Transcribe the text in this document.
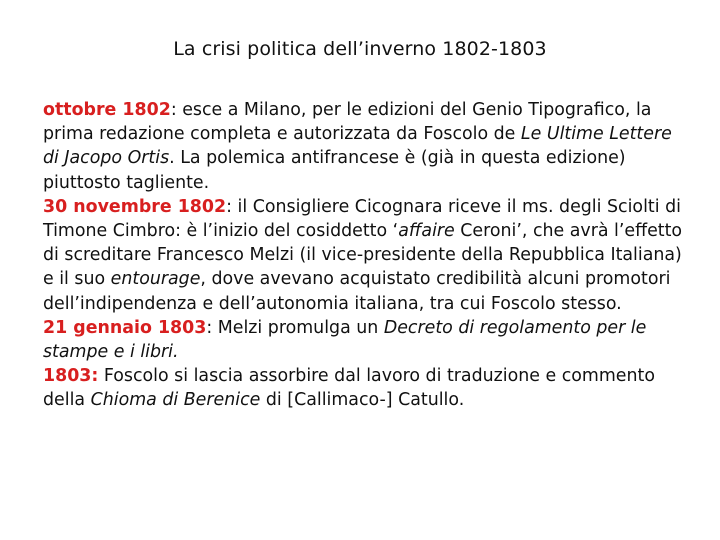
La crisi politica dell’inverno 1802-1803

ottobre 1802: esce a Milano, per le edizioni del Genio Tipografico, la prima redazione completa e autorizzata da Foscolo de Le Ultime Lettere di Jacopo Ortis. La polemica antifrancese è (già in questa edizione) piuttosto tagliente.

30 novembre 1802: il Consigliere Cicognara riceve il ms. degli Sciolti di Timone Cimbro: è l’inizio del cosiddetto ‘affaire Ceroni’, che avrà l’effetto di screditare Francesco Melzi (il vice-presidente della Repubblica Italiana) e il suo entourage, dove avevano acquistato credibilità alcuni promotori dell’indipendenza e dell’autonomia italiana, tra cui Foscolo stesso.

21 gennaio 1803: Melzi promulga un Decreto di regolamento per le stampe e i libri.

1803: Foscolo si lascia assorbire dal lavoro di traduzione e commento della Chioma di Berenice di [Callimaco-] Catullo.
